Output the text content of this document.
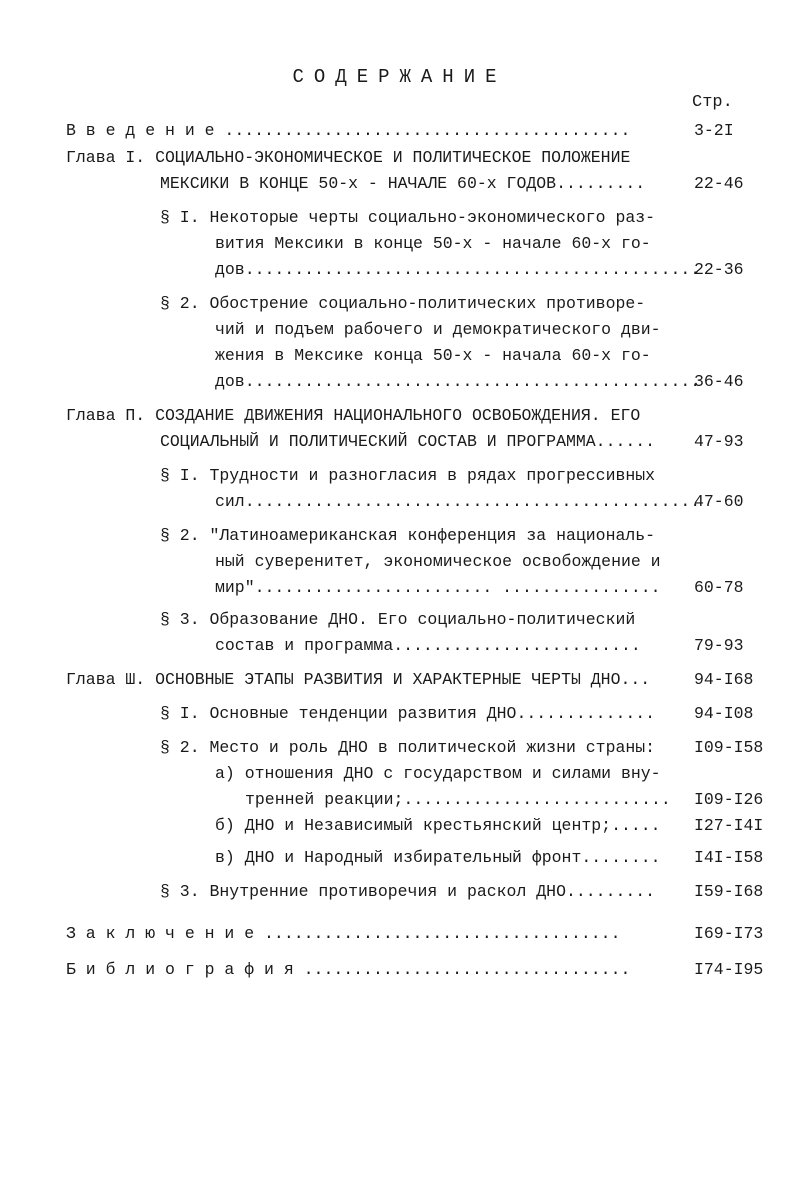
СОДЕРЖАНИЕ
Стр.
В в е д е н и е .........................................	3-2I
Глава I. СОЦИАЛЬНО-ЭКОНОМИЧЕСКОЕ И ПОЛИТИЧЕСКОЕ ПОЛОЖЕНИЕ
МЕКСИКИ В КОНЦЕ 50-х - НАЧАЛЕ 60-х ГОДОВ.........	22-46
§ I. Некоторые черты социально-экономического раз-
вития Мексики в конце 50-х - начале 60-х го-
дов..............................................
22-36
§ 2. Обострение социально-политических противоре-
чий и подъем рабочего и демократического дви-
жения в Мексике конца 50-х - начала 60-х го-
дов..............................................
36-46
Глава П. СОЗДАНИЕ ДВИЖЕНИЯ НАЦИОНАЛЬНОГО ОСВОБОЖДЕНИЯ. ЕГО
СОЦИАЛЬНЫЙ И ПОЛИТИЧЕСКИЙ СОСТАВ И ПРОГРАММА...... 47-93
§ I. Трудности и разногласия в рядах прогрессивных
сил..............................................
47-60
§ 2. "Латиноамериканская конференция за националь-
ный суверенитет, экономическое освобождение и
мир"........................ ................ 60-78
§ 3. Образование ДНО. Его социально-политический
состав и программа.........................	79-93
Глава Ш. ОСНОВНЫЕ ЭТАПЫ РАЗВИТИЯ И ХАРАКТЕРНЫЕ ЧЕРТЫ ДНО...	94-I68
§ I. Основные тенденции развития ДНО.............. 94-I08
§ 2. Место и роль ДНО в политической жизни страны: I09-I58
а) отношения ДНО с государством и силами вну-
тренней реакции;........................... I09-I26
б) ДНО и Независимый крестьянский центр;..... I27-I4I
в) ДНО и Народный избирательный фронт........ I4I-I58
§ 3. Внутренние противоречия и раскол ДНО......... I59-I68
З а к л ю ч е н и е ....................................	I69-I73
Б и б л и о г р а ф и я .................................	I74-I95
